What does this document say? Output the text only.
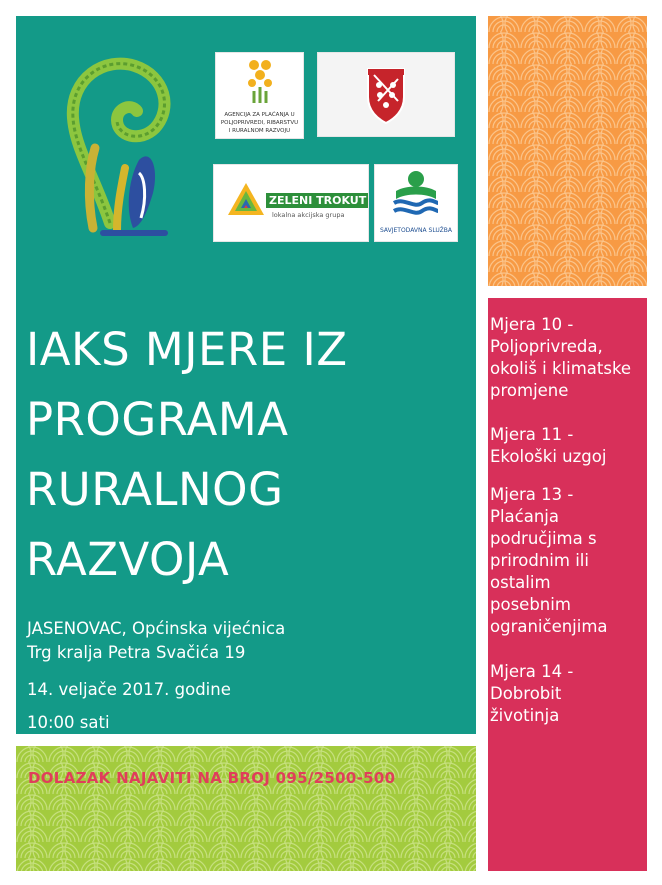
AGENCIJA ZA PLAĆANJA U
POLJOPRIVREDI, RIBARSTVU
I RURALNOM RAZVOJU
ZELENI TROKUT
lokalna akcijska grupa
SAVJETODAVNA SLUŽBA
IAKS MJERE IZ
PROGRAMA
RURALNOG
RAZVOJA
JASENOVAC, Općinska vijećnica
Trg kralja Petra Svačića 19
14. veljače 2017. godine
10:00 sati
Mjera 10 -
Poljoprivreda,
okoliš i klimatske
promjene
Mjera 11 -
Ekološki uzgoj
Mjera 13 -
Plaćanja
područjima s
prirodnim ili
ostalim
posebnim
ograničenjima
Mjera 14 -
Dobrobit
životinja
DOLAZAK NAJAVITI NA BROJ 095/2500-500
